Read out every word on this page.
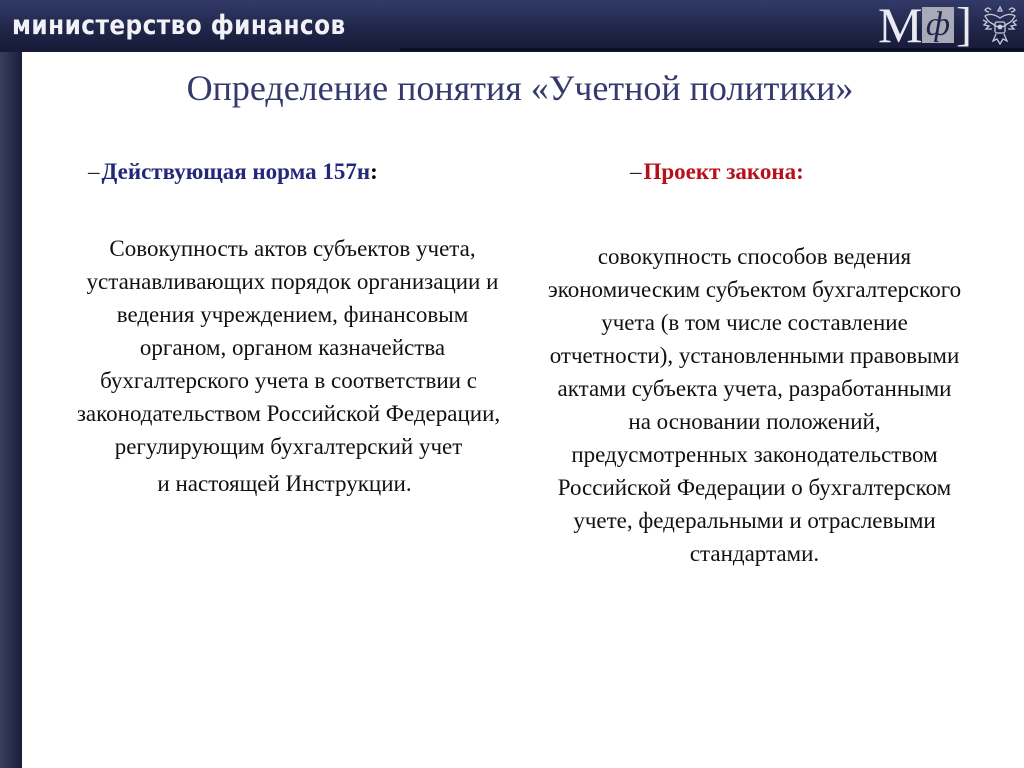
министерство финансов	М ф ]
Определение понятия «Учетной политики»
–Действующая норма 157н:	–Проект закона:

Совокупность актов субъектов учета, устанавливающих порядок организации и ведения учреждением, финансовым органом, органом казначейства

бухгалтерского учета в соответствии с законодательством Российской Федерации, регулирующим бухгалтерский учет

и настоящей Инструкции.

совокупность способов ведения экономическим субъектом бухгалтерского учета (в том числе составление отчетности), установленными правовыми актами субъекта учета, разработанными на основании положений, предусмотренных законодательством Российской Федерации о бухгалтерском учете, федеральными и отраслевыми стандартами.
